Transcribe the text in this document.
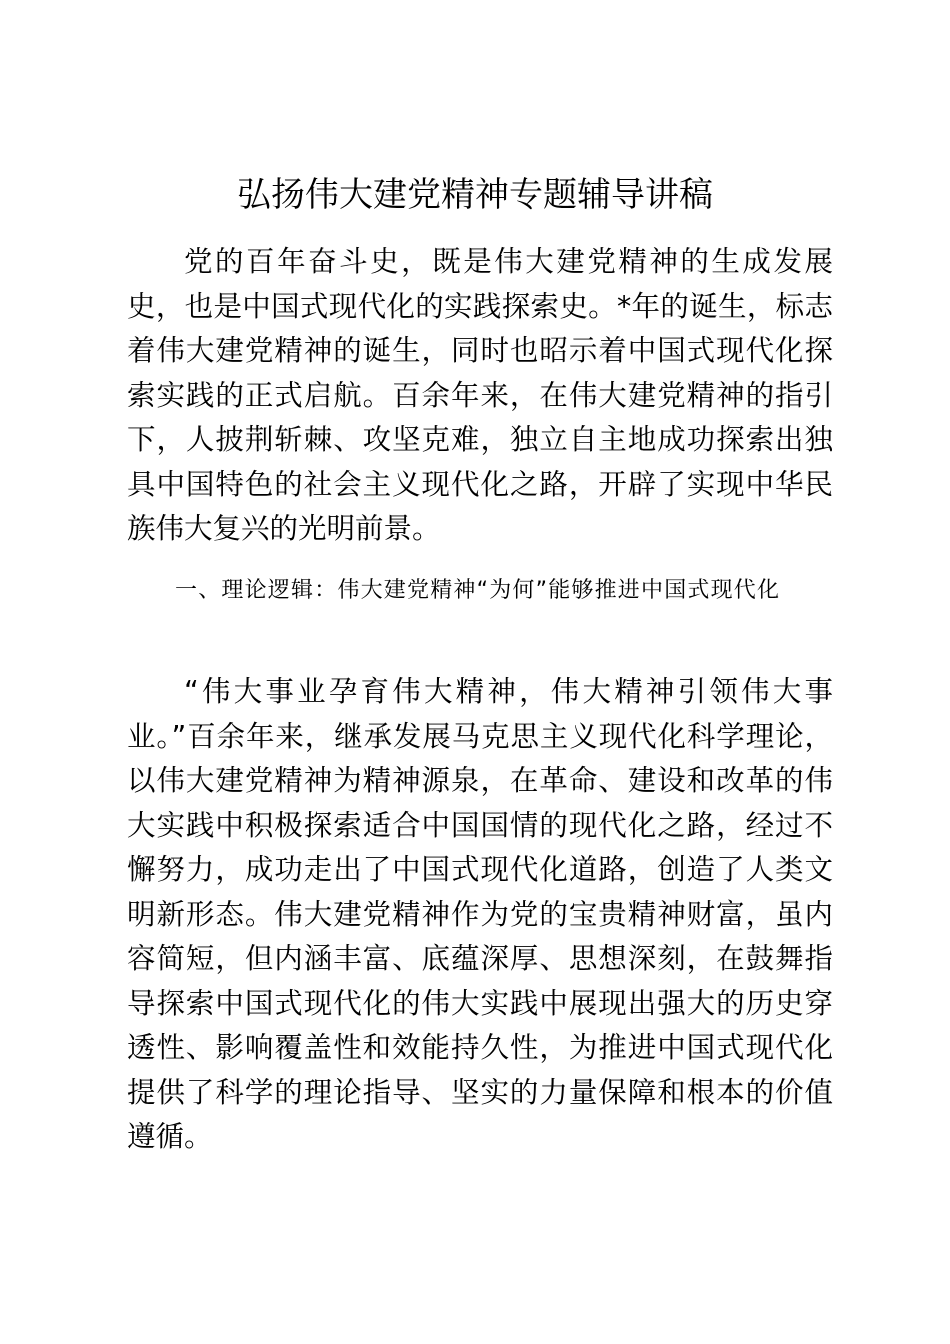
弘扬伟大建党精神专题辅导讲稿

党的百年奋斗史，既是伟大建党精神的生成发展史，也是中国式现代化的实践探索史。*年的诞生，标志着伟大建党精神的诞生，同时也昭示着中国式现代化探索实践的正式启航。百余年来，在伟大建党精神的指引下，人披荆斩棘、攻坚克难，独立自主地成功探索出独具中国特色的社会主义现代化之路，开辟了实现中华民族伟大复兴的光明前景。

一、理论逻辑：伟大建党精神“为何”能够推进中国式现代化

“伟大事业孕育伟大精神，伟大精神引领伟大事业。”百余年来，继承发展马克思主义现代化科学理论，以伟大建党精神为精神源泉，在革命、建设和改革的伟大实践中积极探索适合中国国情的现代化之路，经过不懈努力，成功走出了中国式现代化道路，创造了人类文明新形态。伟大建党精神作为党的宝贵精神财富，虽内容简短，但内涵丰富、底蕴深厚、思想深刻，在鼓舞指导探索中国式现代化的伟大实践中展现出强大的历史穿透性、影响覆盖性和效能持久性，为推进中国式现代化提供了科学的理论指导、坚实的力量保障和根本的价值遵循。
